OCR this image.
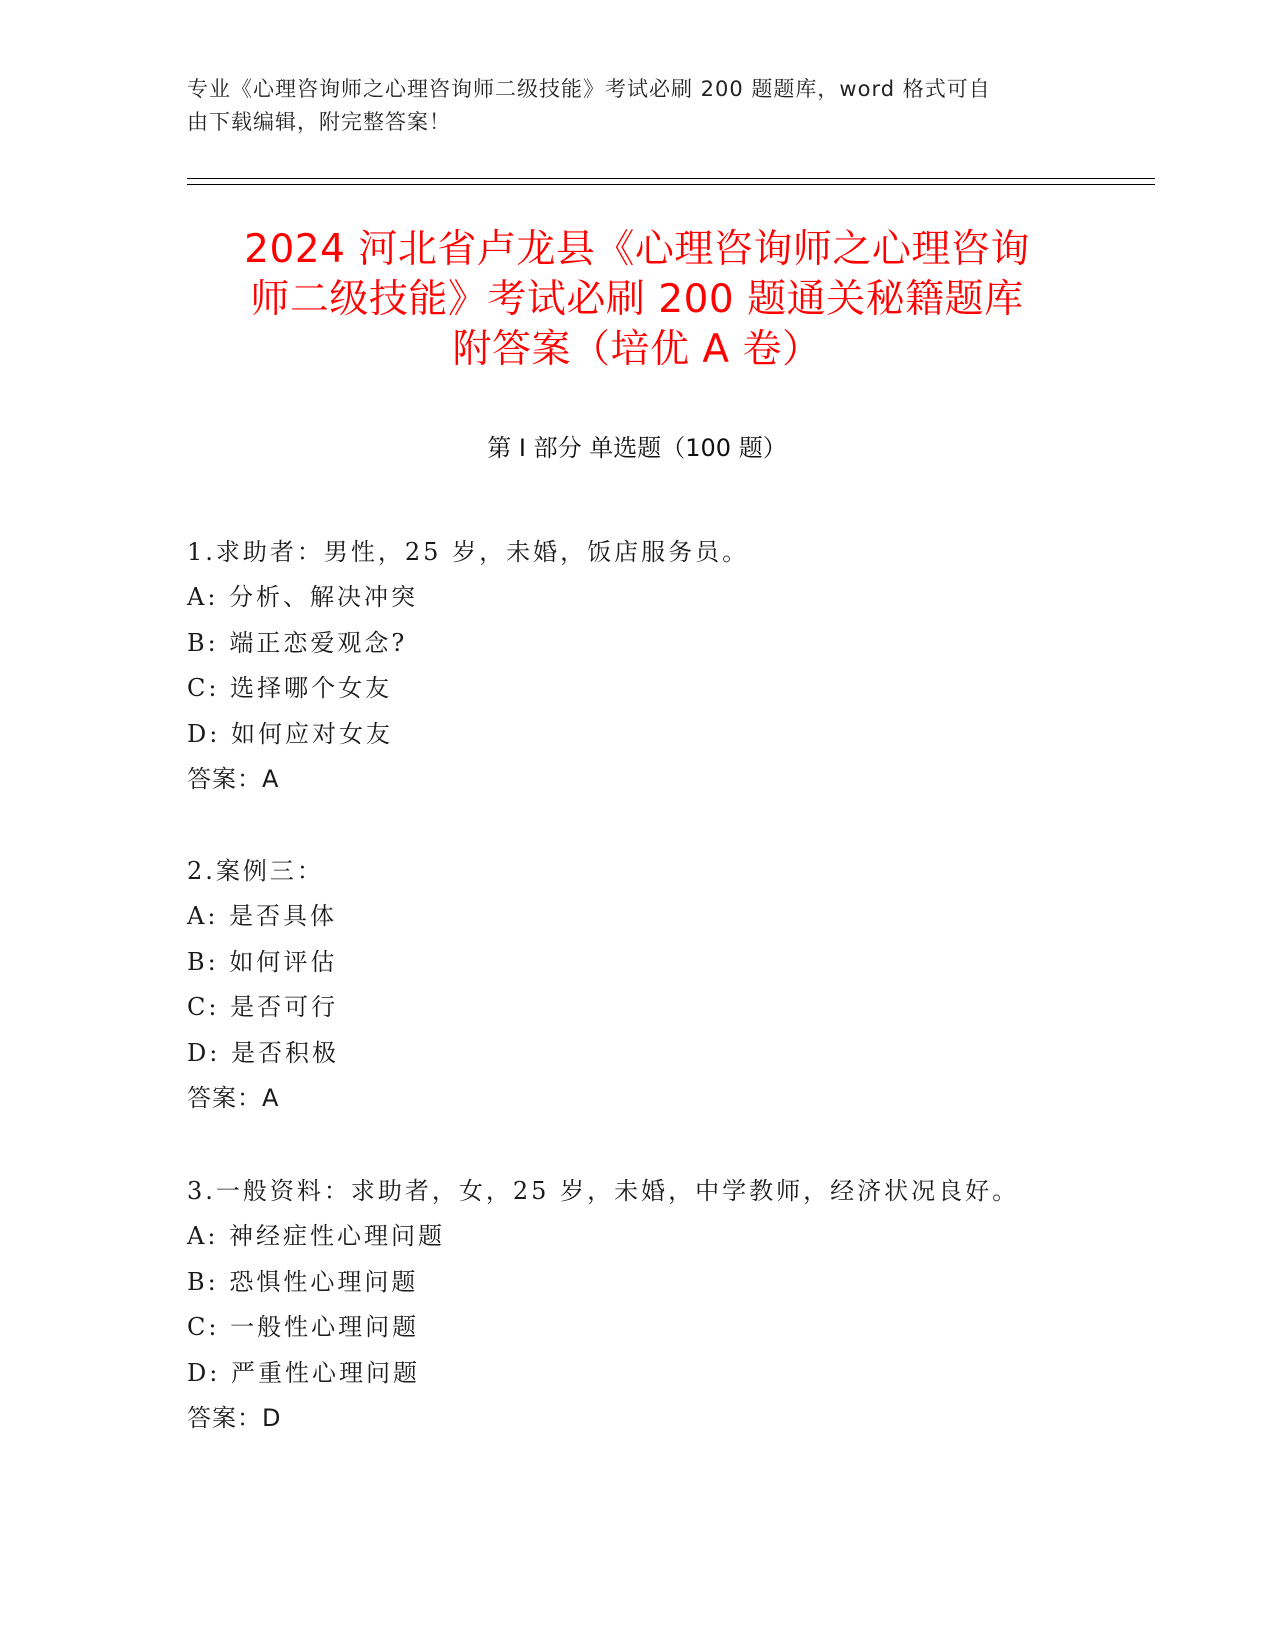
专业《心理咨询师之心理咨询师二级技能》考试必刷 200 题题库，word 格式可自
由下载编辑，附完整答案！
2024 河北省卢龙县《心理咨询师之心理咨询
师二级技能》考试必刷 200 题通关秘籍题库
附答案（培优 A 卷）
第 I 部分 单选题（100 题）
1.求助者：男性，25 岁，未婚，饭店服务员。
A: 分析、解决冲突
B: 端正恋爱观念?
C: 选择哪个女友
D: 如何应对女友
答案：A
2.案例三：
A: 是否具体
B: 如何评估
C: 是否可行
D: 是否积极
答案：A
3.一般资料：求助者，女，25 岁，未婚，中学教师，经济状况良好。
A: 神经症性心理问题
B: 恐惧性心理问题
C: 一般性心理问题
D: 严重性心理问题
答案：D
